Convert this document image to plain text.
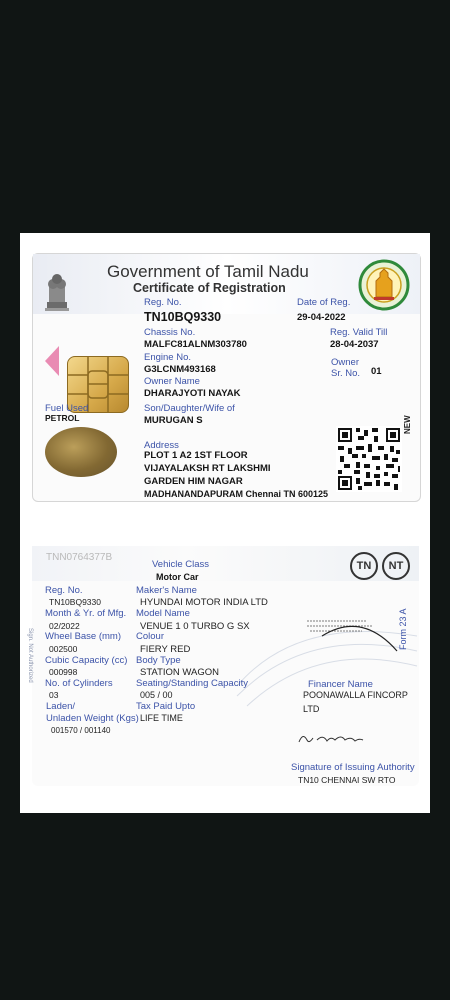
Government of Tamil Nadu
Certificate of Registration
Reg. No.	Date of Reg.
TN10BQ9330	29-04-2022
Chassis No.	Reg. Valid Till
MALFC81ALNM303780	28-04-2037
Engine No.	Owner Sr. No.
G3LCNM493168	01
Owner Name
DHARAJYOTI NAYAK
Fuel Used
PETROL
Son/Daughter/Wife of
MURUGAN S
Address
PLOT 1 A2 1ST FLOOR
VIJAYALAKSH RT LAKSHMI
GARDEN HIM NAGAR
MADHANANDAPURAM Chennai TN 600125
NEW
TNN0764377B
Vehicle Class
Motor Car
TN	NT
Reg. No.
TN10BQ9330
Maker's Name
HYUNDAI MOTOR INDIA LTD
Month & Yr. of Mfg. Model Name
02/2022	VENUE 1 0 TURBO G SX
Wheel Base (mm) Colour
002500	FIERY RED
Cubic Capacity (cc) Body Type
000998	STATION WAGON
No. of Cylinders Seating/Standing Capacity
03	005 / 00
Laden/
Unladen Weight (Kgs)
001570 / 001140
Tax Paid Upto
LIFE TIME
Sign. Not Authorized	Form 23 A
Financer Name
POONAWALLA FINCORP
LTD
Signature of Issuing Authority
TN10 CHENNAI SW RTO
